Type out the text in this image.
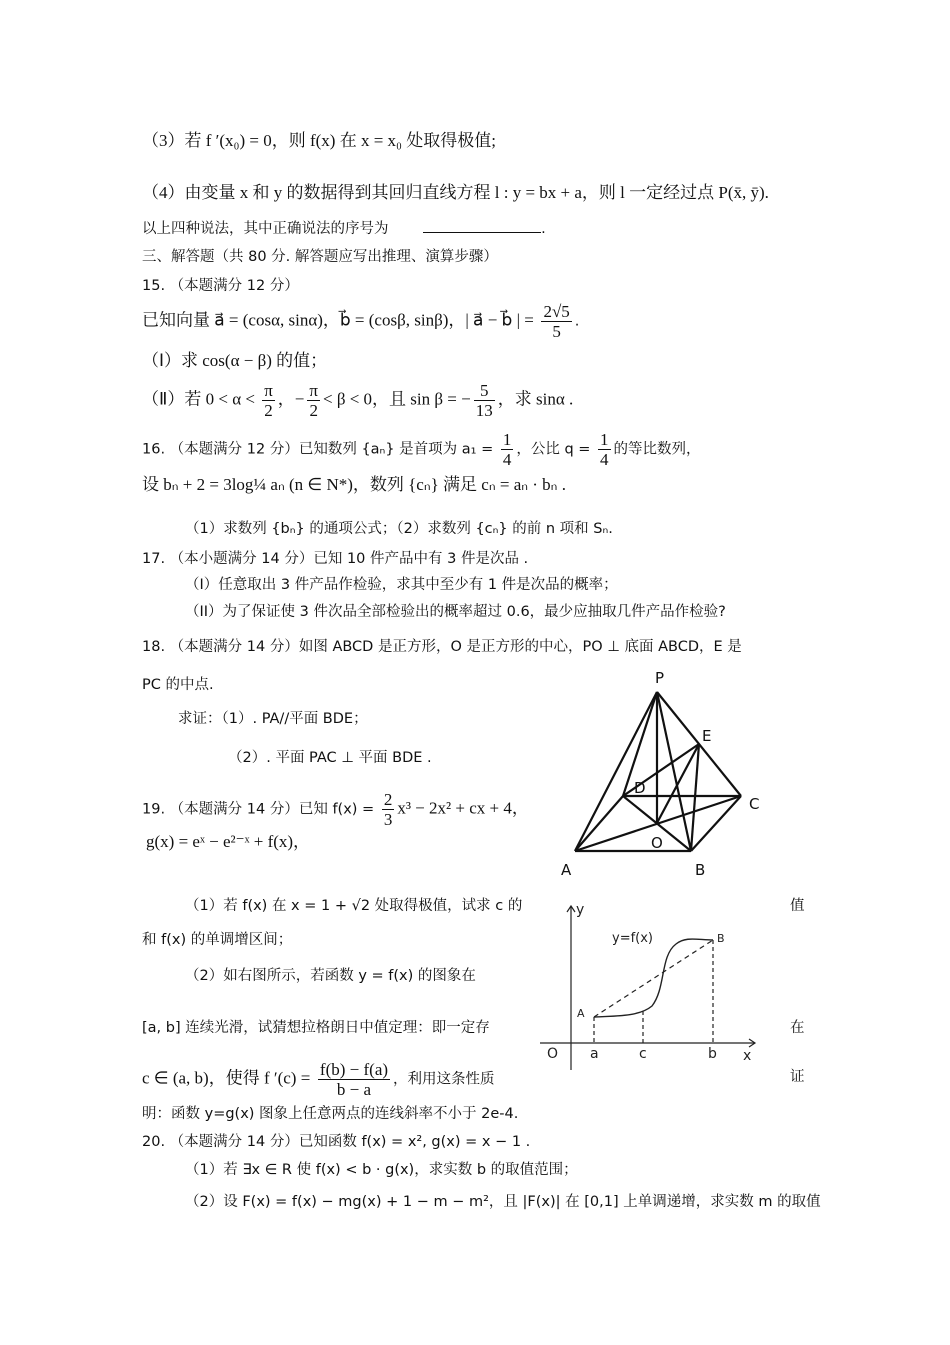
（3）若 f ′(x₀) = 0，则 f(x) 在 x = x₀ 处取得极值;
（4）由变量 x 和 y 的数据得到其回归直线方程 l : y = bx + a，则 l 一定经过点 P(x̄, ȳ).
以上四种说法，其中正确说法的序号为	.
三、解答题（共 80 分. 解答题应写出推理、演算步骤）
15. （本题满分 12 分）
已知向量 a⃗ = (cosα, sinα)，b⃗ = (cosβ, sinβ)，| a⃗ − b⃗ | = $\frac{2√5}{5}$ .
（Ⅰ）求 cos(α − β) 的值；
（Ⅱ）若 $0 < \alpha < \frac{\pi}{2}$ ，− $\frac{\pi}{2} < \beta < 0$，且 sin β = − $\frac{5}{13}$ ，求 sinα .
16. （本题满分 12 分）已知数列 {aₙ} 是首项为 $a_1 = \frac{1}{4}$ ，公比 $q = \frac{1}{4}$ 的等比数列，
设 bₙ + 2 = 3log¼ aₙ (n ∈ N*)，数列 {cₙ} 满足 cₙ = aₙ · bₙ .
（1）求数列 {bₙ} 的通项公式；（2）求数列 {cₙ} 的前 n 项和 Sₙ.
17. （本小题满分 14 分）已知 10 件产品中有 3 件是次品 .
（I）任意取出 3 件产品作检验，求其中至少有 1 件是次品的概率；
（II）为了保证使 3 件次品全部检验出的概率超过 0.6，最少应抽取几件产品作检验?
18. （本题满分 14 分）如图 ABCD 是正方形，O 是正方形的中心，PO ⊥ 底面 ABCD，E 是
PC 的中点.
求证：（1）. PA//平面 BDE；
（2）. 平面 PAC ⊥ 平面 BDE .
P
E
D
C
O
A	B
19. （本题满分 14 分）已知 $f(x) = \frac{2}{3} x^3 - 2x^2$ + cx + 4，
g(x) = eˣ − e²⁻ˣ + f(x)，
（1）若 f(x) 在 x = 1 + √2 处取得极值，试求 c 的	值
和 f(x) 的单调增区间；
（2）如右图所示，若函数 y = f(x) 的图象在
[a, b] 连续光滑，试猜想拉格朗日中值定理：即一定存	在
c ∈ (a, b)，使得 f $'(c) = \frac{f(b) - f(a)}{b - a}$ ，利用这条性质	证
明：函数 y=g(x) 图象上任意两点的连线斜率不小于 2e-4.
y
x
y=f(x)
O a	c	b
A
B
20. （本题满分 14 分）已知函数 f(x) = x², g(x) = x − 1 .
（1）若 ∃x ∈ R 使 f(x) < b · g(x)，求实数 b 的取值范围；
（2）设 F(x) = f(x) − mg(x) + 1 − m − m²，且 |F(x)| 在 [0,1] 上单调递增，求实数 m 的取值
